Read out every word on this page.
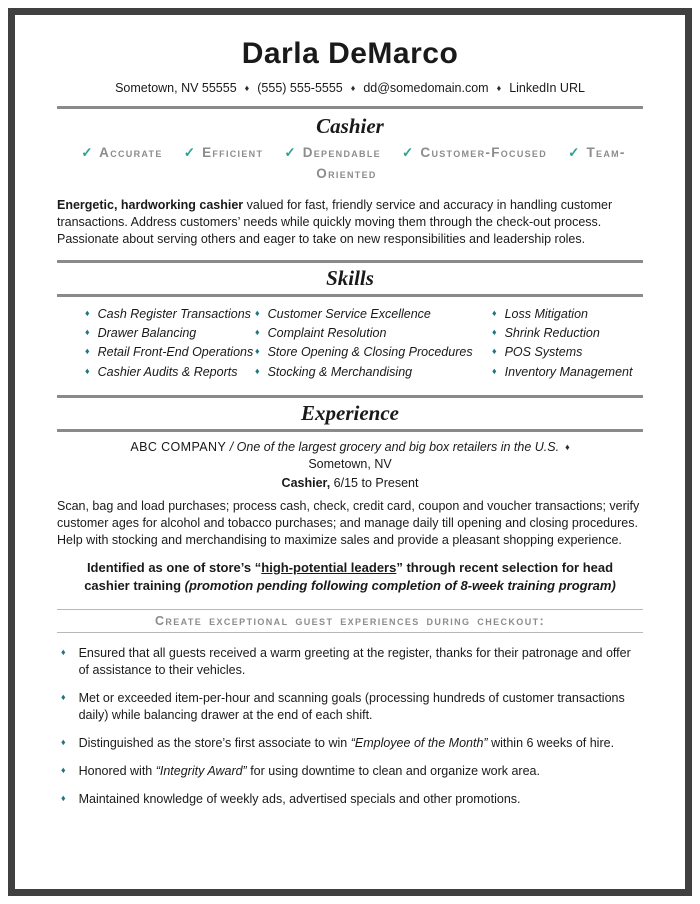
Darla DeMarco
Sometown, NV 55555 ♦ (555) 555-5555 ♦ dd@somedomain.com ♦ LinkedIn URL
Cashier
✓ Accurate ✓ Efficient ✓ Dependable ✓ Customer-Focused ✓ Team-Oriented

Energetic, hardworking cashier valued for fast, friendly service and accuracy in handling customer transactions. Address customers’ needs while quickly moving them through the check-out process. Passionate about serving others and eager to take on new responsibilities and leadership roles.

Skills
♦ Cash Register Transactions
♦ Drawer Balancing
♦ Retail Front-End Operations
♦ Cashier Audits & Reports
♦ Customer Service Excellence
♦ Complaint Resolution
♦ Store Opening & Closing Procedures
♦ Stocking & Merchandising
♦ Loss Mitigation
♦ Shrink Reduction
♦ POS Systems
♦ Inventory Management
Experience
ABC COMPANY / One of the largest grocery and big box retailers in the U.S. ♦
Sometown, NV
Cashier, 6/15 to Present

Scan, bag and load purchases; process cash, check, credit card, coupon and voucher transactions; verify customer ages for alcohol and tobacco purchases; and manage daily till opening and closing procedures. Help with stocking and merchandising to maximize sales and provide a pleasant shopping experience.

Identified as one of store’s “high-potential leaders” through recent selection for head cashier training (promotion pending following completion of 8-week training program)
Create exceptional guest experiences during checkout:
♦ Ensured that all guests received a warm greeting at the register, thanks for their patronage and offer of assistance to their vehicles.
♦ Met or exceeded item-per-hour and scanning goals (processing hundreds of customer transactions daily) while balancing drawer at the end of each shift.
♦ Distinguished as the store’s first associate to win “Employee of the Month” within 6 weeks of hire.
♦ Honored with “Integrity Award” for using downtime to clean and organize work area.
♦ Maintained knowledge of weekly ads, advertised specials and other promotions.
